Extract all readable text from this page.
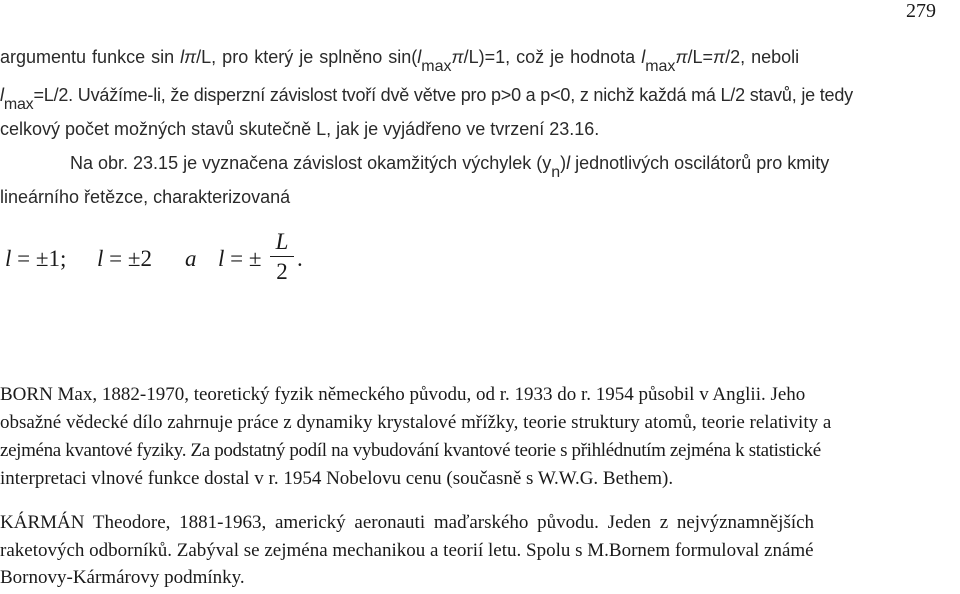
279
argumentu funkce sin lπ/L, pro který je splněno sin(lmaxπ/L)=1, což je hodnota lmaxπ/L=π/2, neboli
lmax=L/2. Uvážíme-li, že disperzní závislost tvoří dvě větve pro p>0 a p<0, z nichž každá má L/2 stavů, je tedy
celkový počet možných stavů skutečně L, jak je vyjádřeno ve tvrzení 23.16.
Na obr. 23.15 je vyznačena závislost okamžitých výchylek (yn)l jednotlivých oscilátorů pro kmity
lineárního řetězce, charakterizovaná
l = ±1; l = ±2 a l = ±
L
2
.
BORN Max, 1882-1970, teoretický fyzik německého původu, od r. 1933 do r. 1954 působil v Anglii. Jeho
obsažné vědecké dílo zahrnuje práce z dynamiky krystalové mřížky, teorie struktury atomů, teorie relativity a
zejména kvantové fyziky. Za podstatný podíl na vybudování kvantové teorie s přihlédnutím zejména k statistické
interpretaci vlnové funkce dostal v r. 1954 Nobelovu cenu (současně s W.W.G. Bethem).
KÁRMÁN Theodore, 1881-1963, americký aeronauti maďarského původu. Jeden z nejvýznamnějších
raketových odborníků. Zabýval se zejména mechanikou a teorií letu. Spolu s M.Bornem formuloval známé
Bornovy-Kármárovy podmínky.
